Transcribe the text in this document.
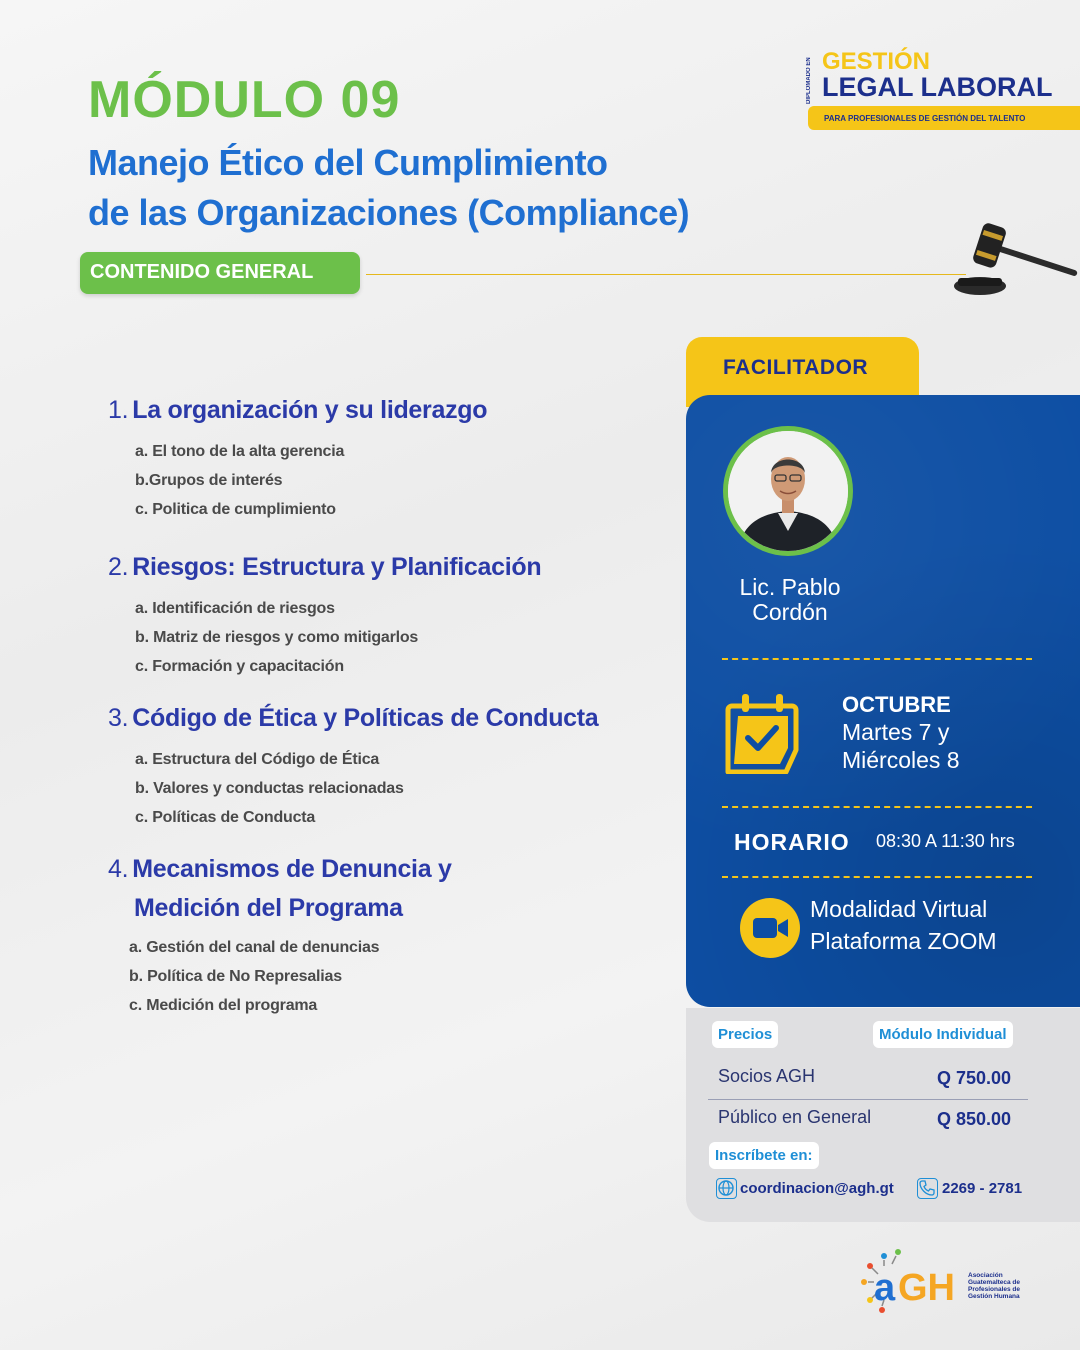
MÓDULO 09
Manejo Ético del Cumplimiento
de las Organizaciones (Compliance)
DIPLOMADO EN GESTIÓN
LEGAL LABORAL
PARA PROFESIONALES DE GESTIÓN DEL TALENTO
CONTENIDO GENERAL
1. La organización y su liderazgo
a. El tono de la alta gerencia
b.Grupos de interés
c. Politica de cumplimiento
2. Riesgos: Estructura y Planificación
a. Identificación de riesgos
b. Matriz de riesgos y como mitigarlos
c. Formación y capacitación
3. Código de Ética y Políticas de Conducta
a. Estructura del Código de Ética
b. Valores y conductas relacionadas
c. Políticas de Conducta
4. Mecanismos de Denuncia y
Medición del Programa
a. Gestión del canal de denuncias
b. Política de No Represalias
c. Medición del programa
FACILITADOR
Lic. Pablo
Cordón
OCTUBRE
Martes 7 y
Miércoles 8
HORARIO 08:30 A 11:30 hrs
Modalidad Virtual
Plataforma ZOOM
Precios	Módulo Individual
Socios AGH	Q 750.00
Público en General	Q 850.00
Inscríbete en:
coordinacion@agh.gt	2269 - 2781
a GH Asociación
Guatemalteca de
Profesionales de
Gestión Humana
